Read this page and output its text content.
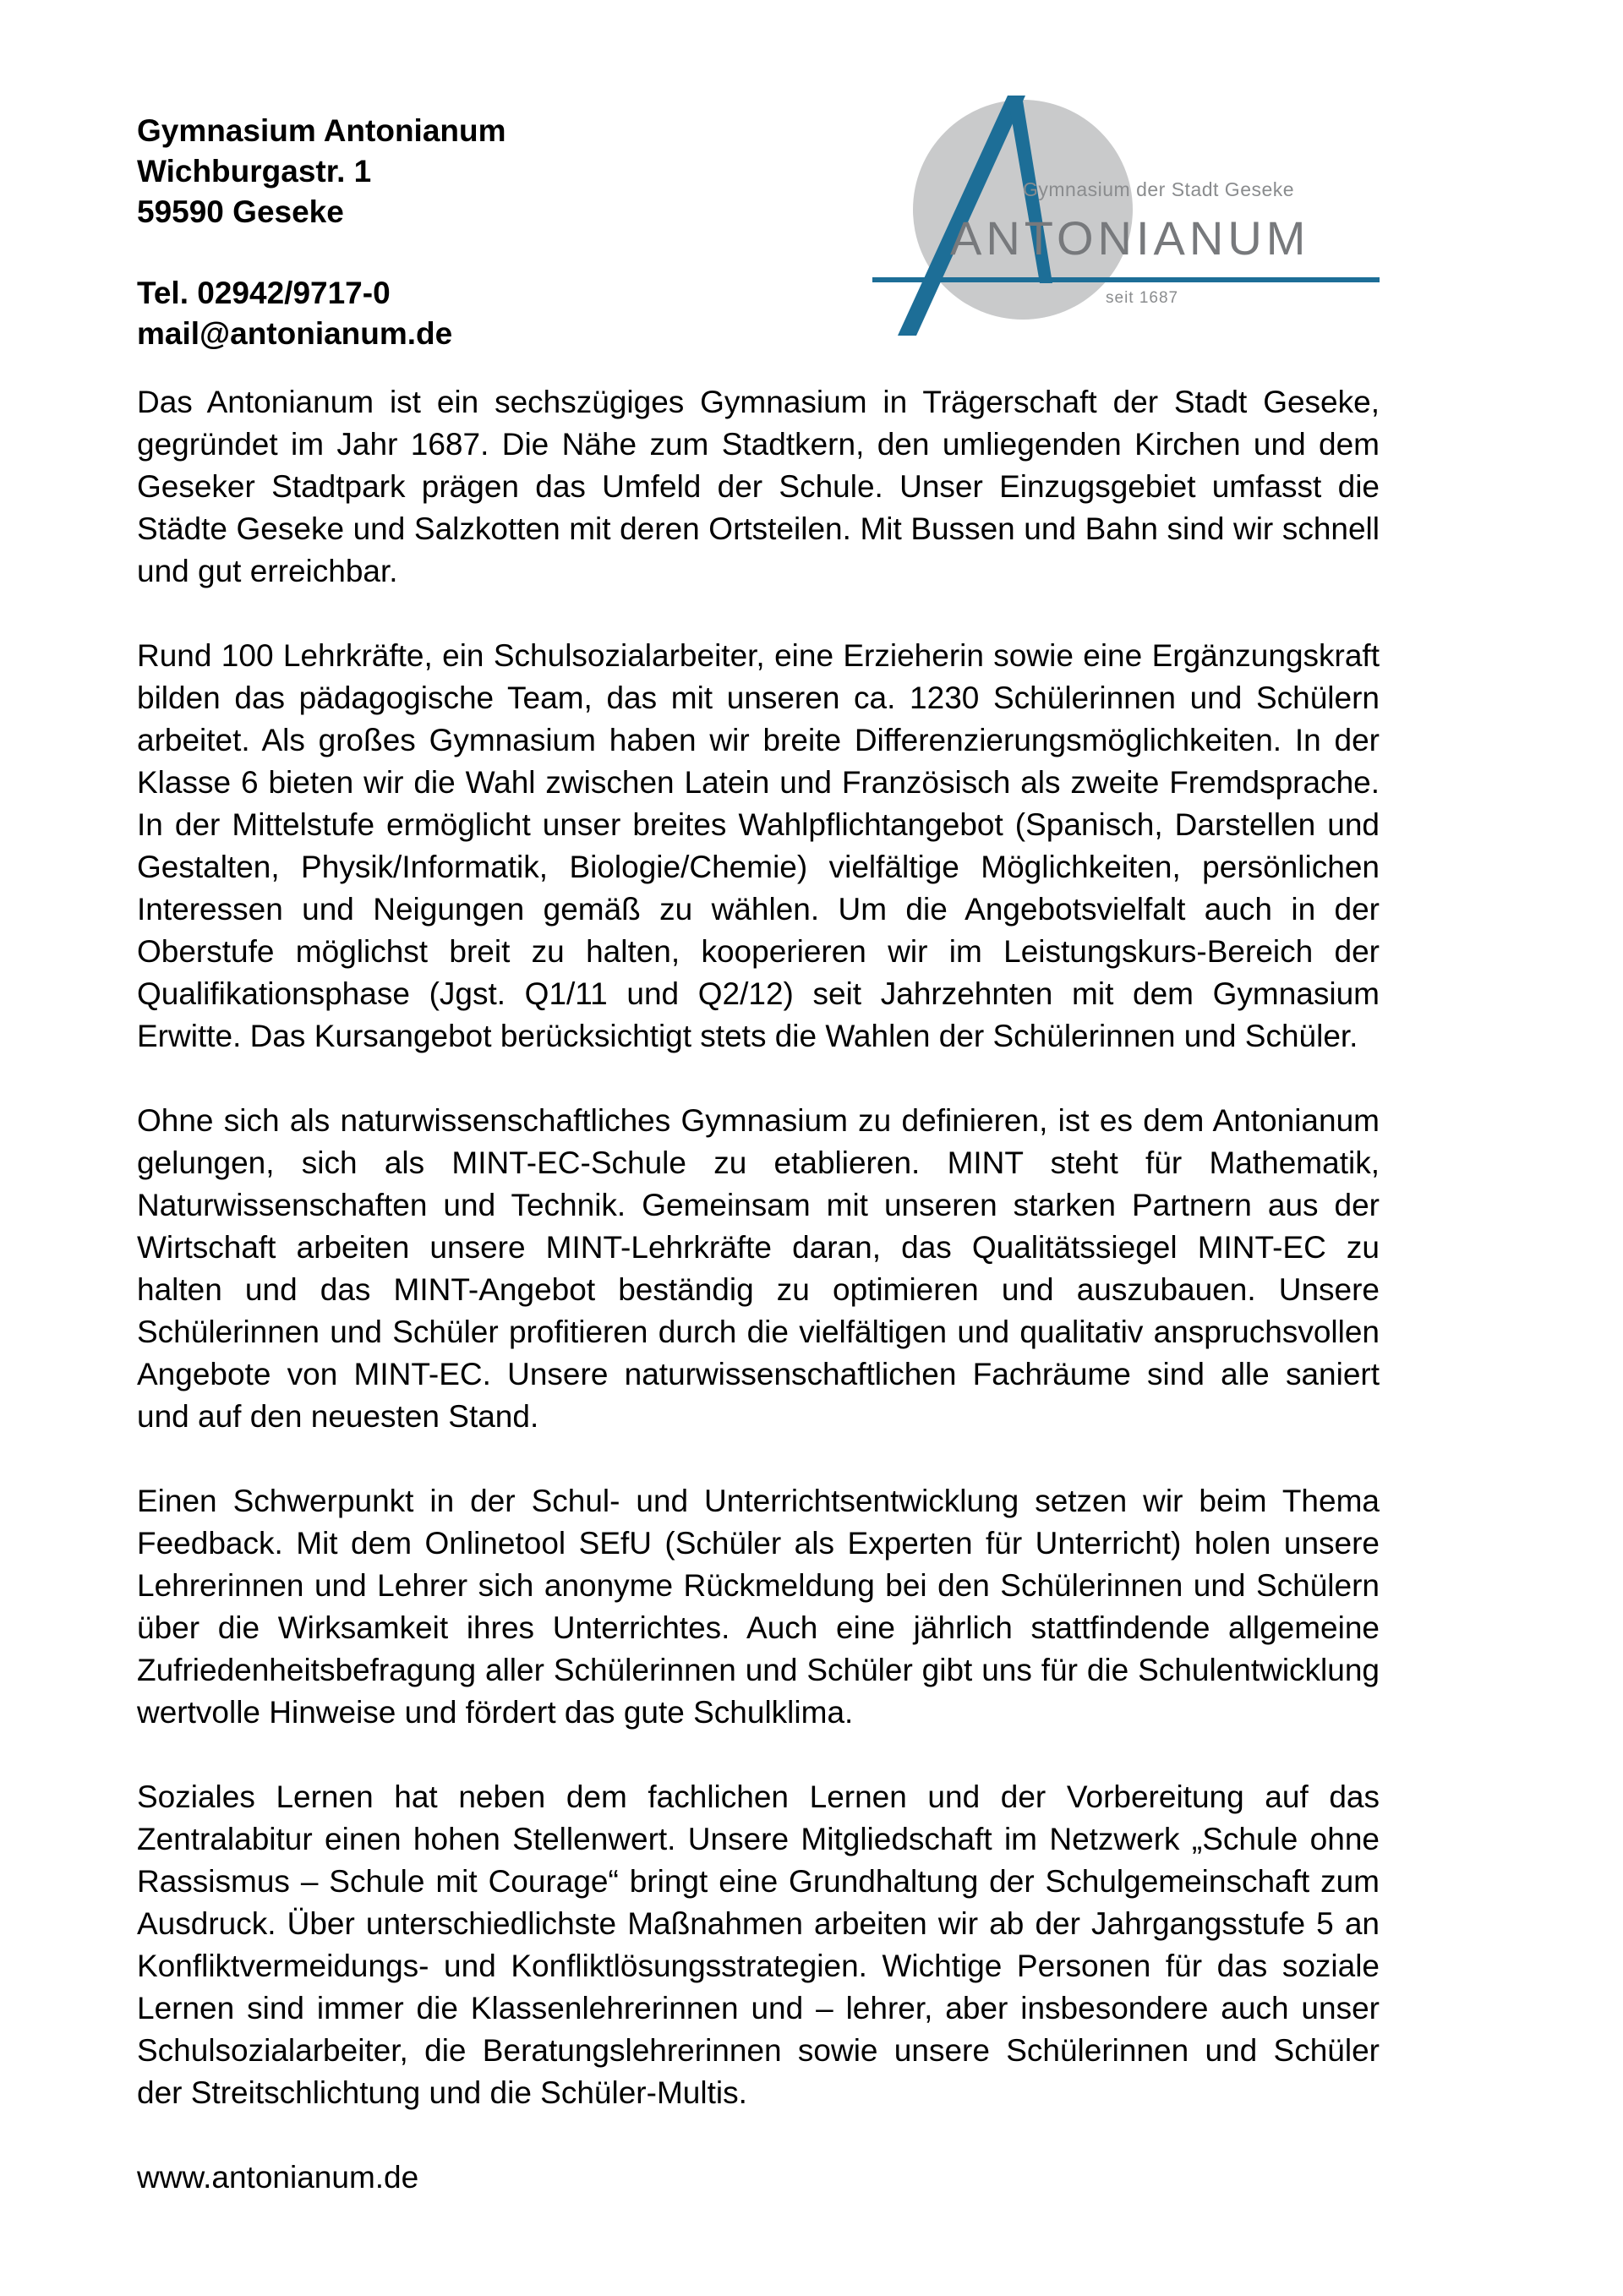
Gymnasium Antonianum
Wichburgastr. 1
59590 Geseke
Tel. 02942/9717-0
mail@antonianum.de
Gymnasium der Stadt Geseke
ANTONIANUM
seit 1687

Das Antonianum ist ein sechszügiges Gymnasium in Trägerschaft der Stadt Geseke, gegründet im Jahr 1687. Die Nähe zum Stadtkern, den umliegenden Kirchen und dem Geseker Stadtpark prägen das Umfeld der Schule. Unser Einzugsgebiet umfasst die Städte Geseke und Salzkotten mit deren Ortsteilen. Mit Bussen und Bahn sind wir schnell und gut erreichbar.

Rund 100 Lehrkräfte, ein Schulsozialarbeiter, eine Erzieherin sowie eine Ergänzungskraft bilden das pädagogische Team, das mit unseren ca. 1230 Schülerinnen und Schülern arbeitet. Als großes Gymnasium haben wir breite Differenzierungsmöglichkeiten. In der Klasse 6 bieten wir die Wahl zwischen Latein und Französisch als zweite Fremdsprache. In der Mittelstufe ermöglicht unser breites Wahlpflichtangebot (Spanisch, Darstellen und Gestalten, Physik/Informatik, Biologie/Chemie) vielfältige Möglichkeiten, persönlichen Interessen und Neigungen gemäß zu wählen. Um die Angebotsvielfalt auch in der Oberstufe möglichst breit zu halten, kooperieren wir im Leistungskurs-Bereich der Qualifikationsphase (Jgst. Q1/11 und Q2/12) seit Jahrzehnten mit dem Gymnasium Erwitte. Das Kursangebot berücksichtigt stets die Wahlen der Schülerinnen und Schüler.

Ohne sich als naturwissenschaftliches Gymnasium zu definieren, ist es dem Antonianum gelungen, sich als MINT-EC-Schule zu etablieren. MINT steht für Mathematik, Naturwissenschaften und Technik. Gemeinsam mit unseren starken Partnern aus der Wirtschaft arbeiten unsere MINT-Lehrkräfte daran, das Qualitätssiegel MINT-EC zu halten und das MINT-Angebot beständig zu optimieren und auszubauen. Unsere Schülerinnen und Schüler profitieren durch die vielfältigen und qualitativ anspruchsvollen Angebote von MINT-EC. Unsere naturwissenschaftlichen Fachräume sind alle saniert und auf den neuesten Stand.

Einen Schwerpunkt in der Schul- und Unterrichtsentwicklung setzen wir beim Thema Feedback. Mit dem Onlinetool SEfU (Schüler als Experten für Unterricht) holen unsere Lehrerinnen und Lehrer sich anonyme Rückmeldung bei den Schülerinnen und Schülern über die Wirksamkeit ihres Unterrichtes. Auch eine jährlich stattfindende allgemeine Zufriedenheitsbefragung aller Schülerinnen und Schüler gibt uns für die Schulentwicklung wertvolle Hinweise und fördert das gute Schulklima.

Soziales Lernen hat neben dem fachlichen Lernen und der Vorbereitung auf das Zentralabitur einen hohen Stellenwert. Unsere Mitgliedschaft im Netzwerk „Schule ohne Rassismus – Schule mit Courage“ bringt eine Grundhaltung der Schulgemeinschaft zum Ausdruck. Über unterschiedlichste Maßnahmen arbeiten wir ab der Jahrgangsstufe 5 an Konfliktvermeidungs- und Konfliktlösungsstrategien. Wichtige Personen für das soziale Lernen sind immer die Klassenlehrerinnen und – lehrer, aber insbesondere auch unser Schulsozialarbeiter, die Beratungslehrerinnen sowie unsere Schülerinnen und Schüler der Streitschlichtung und die Schüler-Multis.

www.antonianum.de
